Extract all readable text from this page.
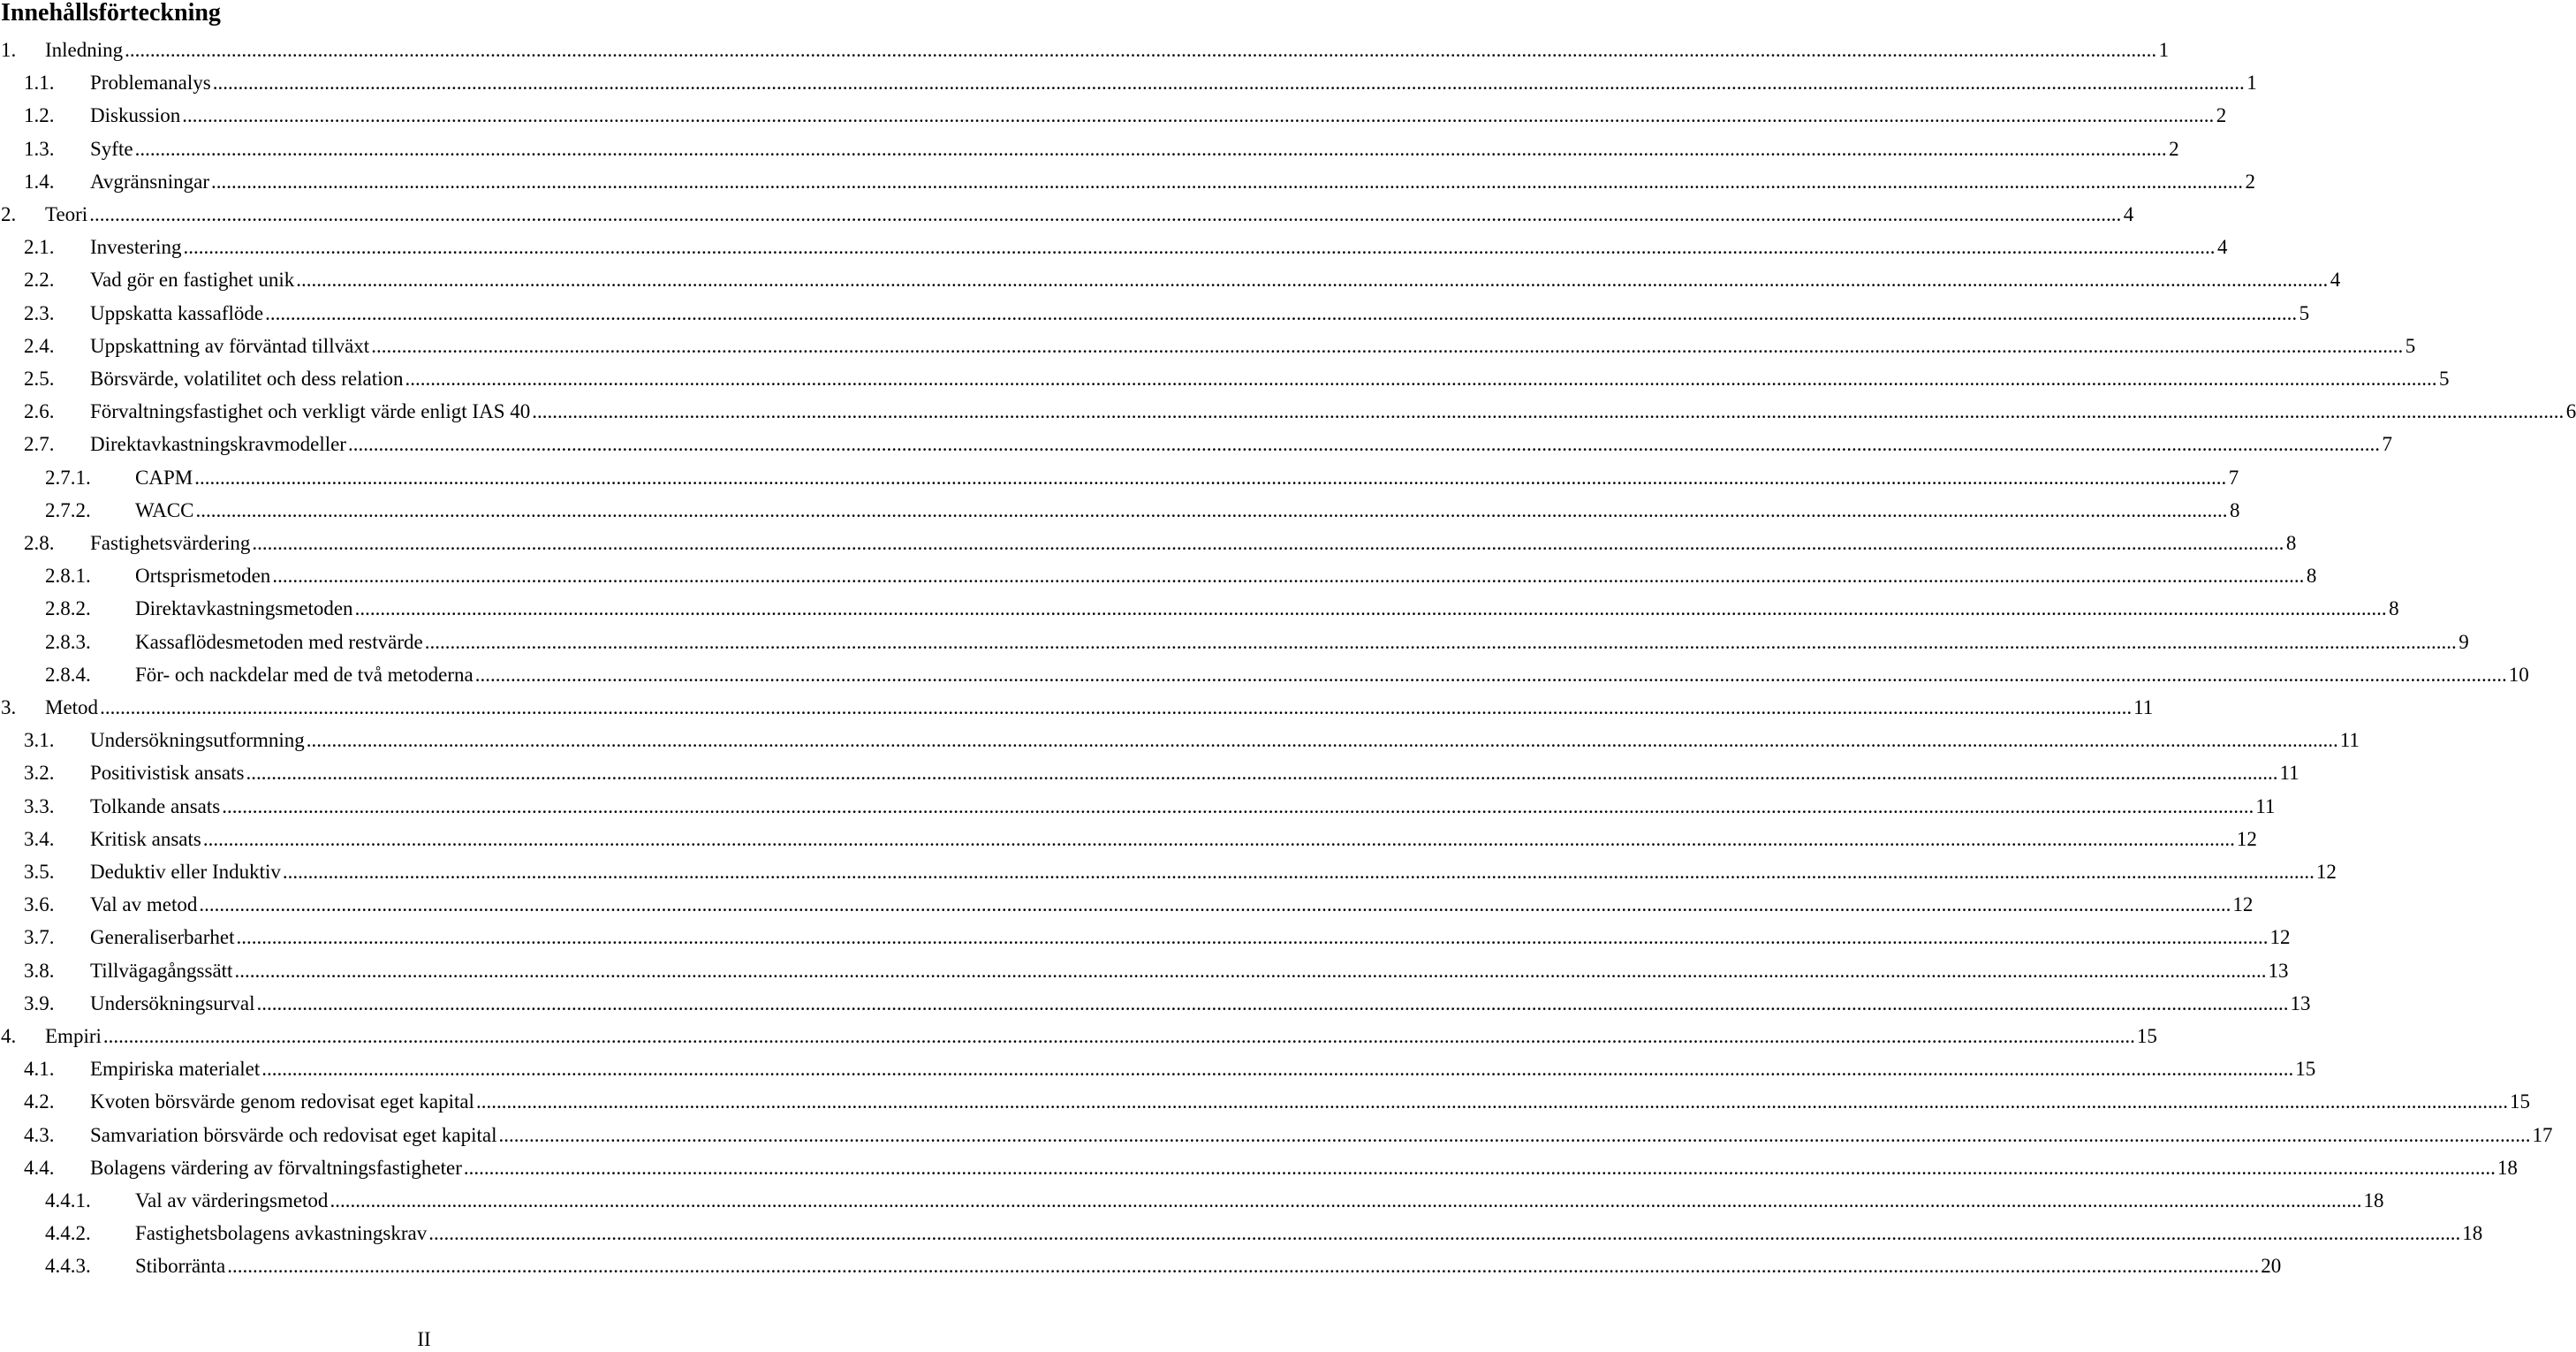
Innehållsförteckning
1. Inledning ................................................................................................................................................................................................................................................................................................................................................................................................................ 1
1.1. Problemanalys ................................................................................................................................................................................................................................................................................................................................................................................................................ 1
1.2. Diskussion ................................................................................................................................................................................................................................................................................................................................................................................................................ 2
1.3. Syfte ................................................................................................................................................................................................................................................................................................................................................................................................................ 2
1.4. Avgränsningar ................................................................................................................................................................................................................................................................................................................................................................................................................ 2
2. Teori ................................................................................................................................................................................................................................................................................................................................................................................................................ 4
2.1. Investering ................................................................................................................................................................................................................................................................................................................................................................................................................ 4
2.2. Vad gör en fastighet unik ................................................................................................................................................................................................................................................................................................................................................................................................................ 4
2.3. Uppskatta kassaflöde ................................................................................................................................................................................................................................................................................................................................................................................................................ 5
2.4. Uppskattning av förväntad tillväxt ................................................................................................................................................................................................................................................................................................................................................................................................................ 5
2.5. Börsvärde, volatilitet och dess relation ................................................................................................................................................................................................................................................................................................................................................................................................................ 5
2.6. Förvaltningsfastighet och verkligt värde enligt IAS 40 ................................................................................................................................................................................................................................................................................................................................................................................................................ 6
2.7. Direktavkastningskravmodeller ................................................................................................................................................................................................................................................................................................................................................................................................................ 7
2.7.1. CAPM ................................................................................................................................................................................................................................................................................................................................................................................................................ 7
2.7.2. WACC ................................................................................................................................................................................................................................................................................................................................................................................................................ 8
2.8. Fastighetsvärdering ................................................................................................................................................................................................................................................................................................................................................................................................................ 8
2.8.1. Ortsprismetoden ................................................................................................................................................................................................................................................................................................................................................................................................................ 8
2.8.2. Direktavkastningsmetoden ................................................................................................................................................................................................................................................................................................................................................................................................................ 8
2.8.3. Kassaflödesmetoden med restvärde ................................................................................................................................................................................................................................................................................................................................................................................................................ 9
2.8.4. För- och nackdelar med de två metoderna ................................................................................................................................................................................................................................................................................................................................................................................................................ 10
3. Metod ................................................................................................................................................................................................................................................................................................................................................................................................................ 11
3.1. Undersökningsutformning ................................................................................................................................................................................................................................................................................................................................................................................................................ 11
3.2. Positivistisk ansats ................................................................................................................................................................................................................................................................................................................................................................................................................ 11
3.3. Tolkande ansats ................................................................................................................................................................................................................................................................................................................................................................................................................ 11
3.4. Kritisk ansats ................................................................................................................................................................................................................................................................................................................................................................................................................ 12
3.5. Deduktiv eller Induktiv ................................................................................................................................................................................................................................................................................................................................................................................................................ 12
3.6. Val av metod ................................................................................................................................................................................................................................................................................................................................................................................................................ 12
3.7. Generaliserbarhet ................................................................................................................................................................................................................................................................................................................................................................................................................ 12
3.8. Tillvägagångssätt ................................................................................................................................................................................................................................................................................................................................................................................................................ 13
3.9. Undersökningsurval ................................................................................................................................................................................................................................................................................................................................................................................................................ 13
4. Empiri ................................................................................................................................................................................................................................................................................................................................................................................................................ 15
4.1. Empiriska materialet ................................................................................................................................................................................................................................................................................................................................................................................................................ 15
4.2. Kvoten börsvärde genom redovisat eget kapital ................................................................................................................................................................................................................................................................................................................................................................................................................ 15
4.3. Samvariation börsvärde och redovisat eget kapital ................................................................................................................................................................................................................................................................................................................................................................................................................ 17
4.4. Bolagens värdering av förvaltningsfastigheter ................................................................................................................................................................................................................................................................................................................................................................................................................ 18
4.4.1. Val av värderingsmetod ................................................................................................................................................................................................................................................................................................................................................................................................................ 18
4.4.2. Fastighetsbolagens avkastningskrav ................................................................................................................................................................................................................................................................................................................................................................................................................ 18
4.4.3. Stiborränta ................................................................................................................................................................................................................................................................................................................................................................................................................ 20
II
